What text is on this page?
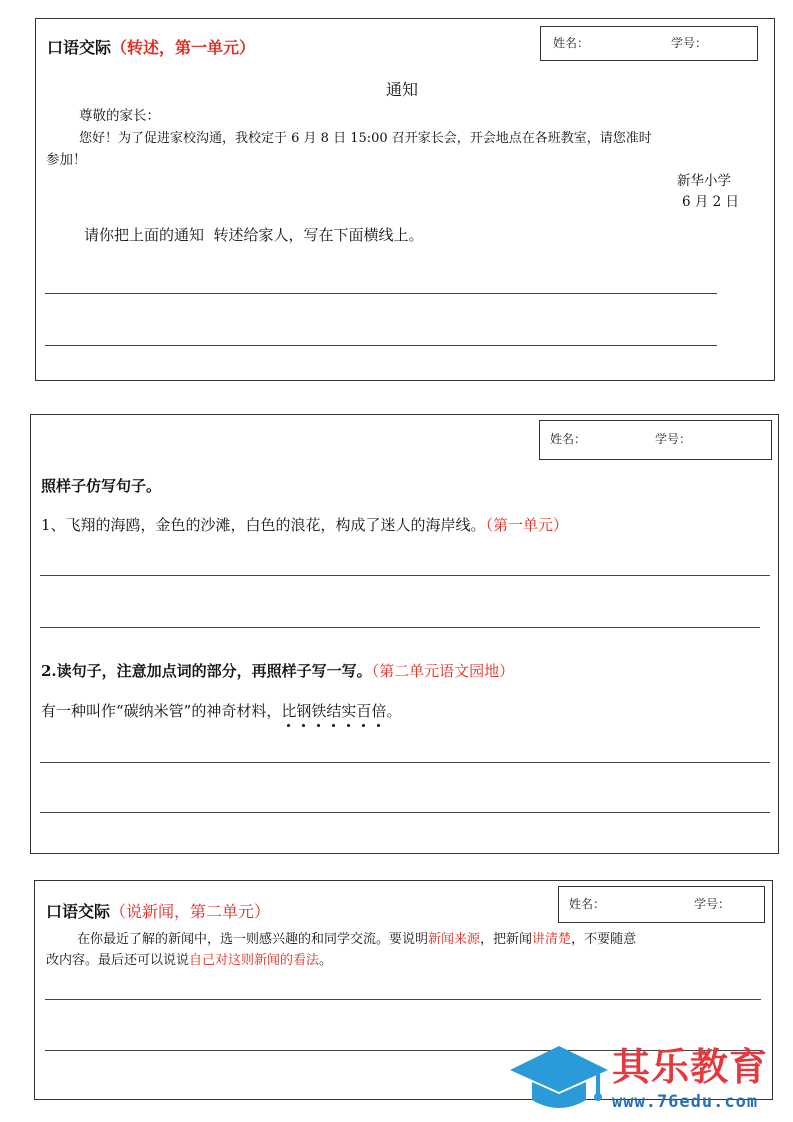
口语交际（转述，第一单元）	姓名：	学号：
通知
尊敬的家长：
您好！为了促进家校沟通，我校定于 6 月 8 日 15:00 召开家长会，开会地点在各班教室，请您准时
参加！
新华小学
6 月 2 日
请你把上面的通知  转述给家人，写在下面横线上。
姓名：	学号：
照样子仿写句子。
1、飞翔的海鸥，金色的沙滩，白色的浪花，构成了迷人的海岸线。（第一单元）
2.读句子，注意加点词的部分，再照样子写一写。（第二单元语文园地）
有一种叫作“碳纳米管”的神奇材料，比钢铁结实百倍。
口语交际（说新闻，第二单元）	姓名：	学号：
在你最近了解的新闻中，选一则感兴趣的和同学交流。要说明新闻来源，把新闻讲清楚，不要随意
改内容。最后还可以说说自己对这则新闻的看法。
其乐教育
www.76edu.com
